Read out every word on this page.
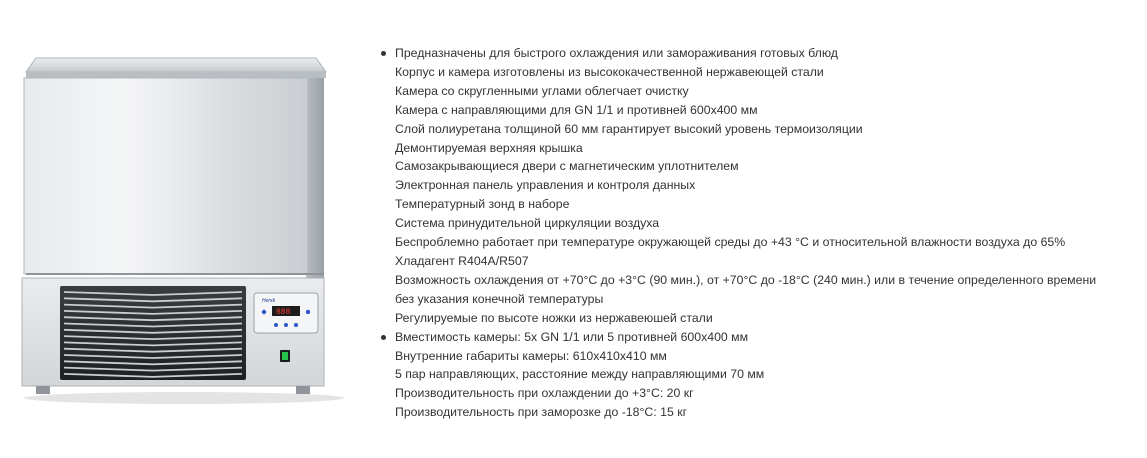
Hendi
888
Предназначены для быстрого охлаждения или замораживания готовых блюд
Корпус и камера изготовлены из высококачественной нержавеющей стали
Камера со скругленными углами облегчает очистку
Камера с направляющими для GN 1/1 и противней 600x400 мм
Слой полиуретана толщиной 60 мм гарантирует высокий уровень термоизоляции
Демонтируемая верхняя крышка
Самозакрывающиеся двери с магнетическим уплотнителем
Электронная панель управления и контроля данных
Температурный зонд в наборе
Система принудительной циркуляции воздуха
Беспроблемно работает при температуре окружающей среды до +43 °C и относительной влажности воздуха до 65%
Хладагент R404A/R507
Возможность охлаждения от +70°C до +3°C (90 мин.), от +70°C до -18°C (240 мин.) или в течение определенного времени
без указания конечной температуры
Регулируемые по высоте ножки из нержавеюшей стали
Вместимость камеры: 5x GN 1/1 или 5 противней 600x400 мм
Внутренние габариты камеры: 610x410x410 мм
5 пар направляющих, расстояние между направляющими 70 мм
Производительность при охлаждении до +3°C: 20 кг
Производительность при заморозке до -18°C: 15 кг
